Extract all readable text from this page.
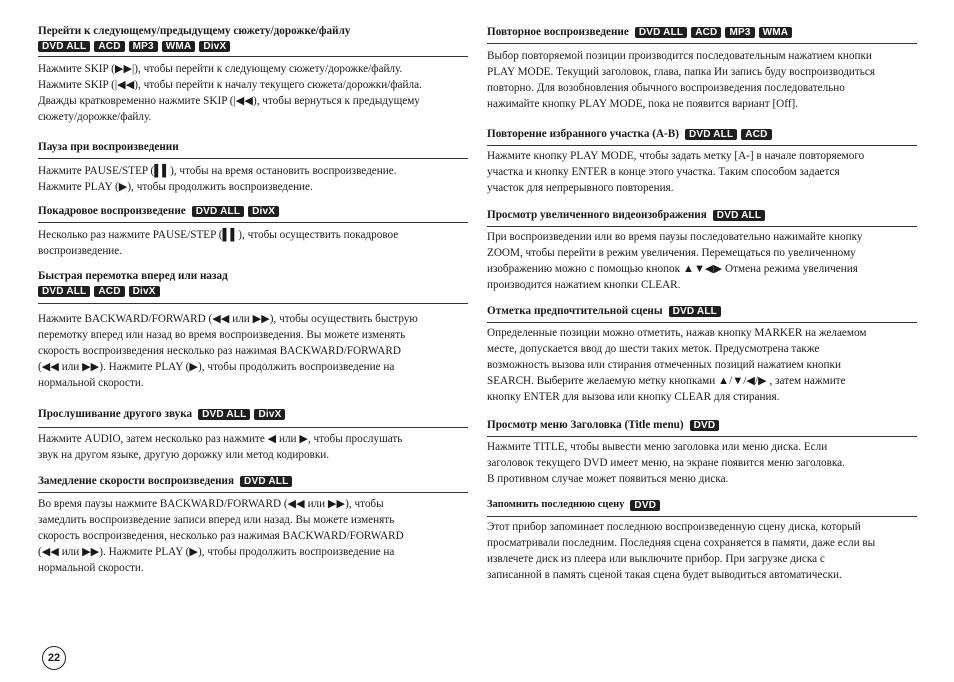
Перейти к следующему/предыдущему сюжету/дорожке/файлу
DVD ALL	ACD	MP3	WMA	DivX

Нажмите SKIP (▶▶|), чтобы перейти к следующему сюжету/дорожке/файлу.

Нажмите SKIP (|◀◀), чтобы перейти к началу текущего сюжета/дорожки/файла.

Дважды кратковременно нажмите SKIP (|◀◀), чтобы вернуться к предыдущему

сюжету/дорожке/файлу.

Пауза при воспроизведении

Нажмите PAUSE/STEP (▌▌), чтобы на время остановить воспроизведение.

Нажмите PLAY (▶), чтобы продолжить воспроизведение.

Покадровое воспроизведение	DVD ALL	DivX

Несколько раз нажмите PAUSE/STEP (▌▌), чтобы осуществить покадровое

воспроизведение.

Быстрая перемотка вперед или назад
DVD ALL	ACD	DivX

Нажмите BACKWARD/FORWARD (◀◀ или ▶▶), чтобы осуществить быструю

перемотку вперед или назад во время воспроизведения. Вы можете изменять

скорость воспроизведения несколько раз нажимая BACKWARD/FORWARD

(◀◀ или ▶▶). Нажмите PLAY (▶), чтобы продолжить воспроизведение на

нормальной скорости.

Прослушивание другого звука	DVD ALL	DivX

Нажмите AUDIO, затем несколько раз нажмите ◀ или ▶, чтобы прослушать

звук на другом языке, другую дорожку или метод кодировки.

Замедление скорости воспроизведения	DVD ALL

Во время паузы нажмите BACKWARD/FORWARD (◀◀ или ▶▶), чтобы

замедлить воспроизведение записи вперед или назад. Вы можете изменять

скорость воспроизведения, несколько раз нажимая BACKWARD/FORWARD

(◀◀ или ▶▶). Нажмите PLAY (▶), чтобы продолжить воспроизведение на

нормальной скорости.

Повторное воспроизведение	DVD ALL	ACD	MP3	WMA

Выбор повторяемой позиции производится последовательным нажатием кнопки

PLAY MODE. Текущий заголовок, глава, папка Ии запись буду воспроизводиться

повторно. Для возобновления обычного воспроизведения последовательно

нажимайте кнопку PLAY MODE, пока не появится вариант [Off].

Повторение избранного участка (A-B)	DVD ALL	ACD

Нажмите кнопку PLAY MODE, чтобы задать метку [A-] в начале повторяемого

участка и кнопку ENTER в конце этого участка. Таким способом задается

участок для непрерывного повторения.

Просмотр увеличенного видеоизображения	DVD ALL

При воспроизведении или во время паузы последовательно нажимайте кнопку

ZOOM, чтобы перейти в режим увеличения. Перемещаться по увеличенному

изображению можно с помощью кнопок ▲▼◀▶ Отмена режима увеличения

производится нажатием кнопки CLEAR.

Отметка предпочтительной сцены	DVD ALL

Определенные позиции можно отметить, нажав кнопку MARKER на желаемом

месте, допускается ввод до шести таких меток. Предусмотрена также

возможность вызова или стирания отмеченных позиций нажатием кнопки

SEARCH. Выберите желаемую метку кнопками ▲/▼/◀/▶ , затем нажмите

кнопку ENTER для вызова или кнопку CLEAR для стирания.

Просмотр меню Заголовка (Title menu)	DVD

Нажмите TITLE, чтобы вывести меню заголовка или меню диска. Если

заголовок текущего DVD имеет меню, на экране появится меню заголовка.

В противном случае может появиться меню диска.

Запомнить последнюю сцену	DVD

Этот прибор запоминает последнюю воспроизведенную сцену диска, который

просматривали последним. Последняя сцена сохраняется в памяти, даже если вы

извлечете диск из плеера или выключите прибор. При загрузке диска с

записанной в память сценой такая сцена будет выводиться автоматически.

22
